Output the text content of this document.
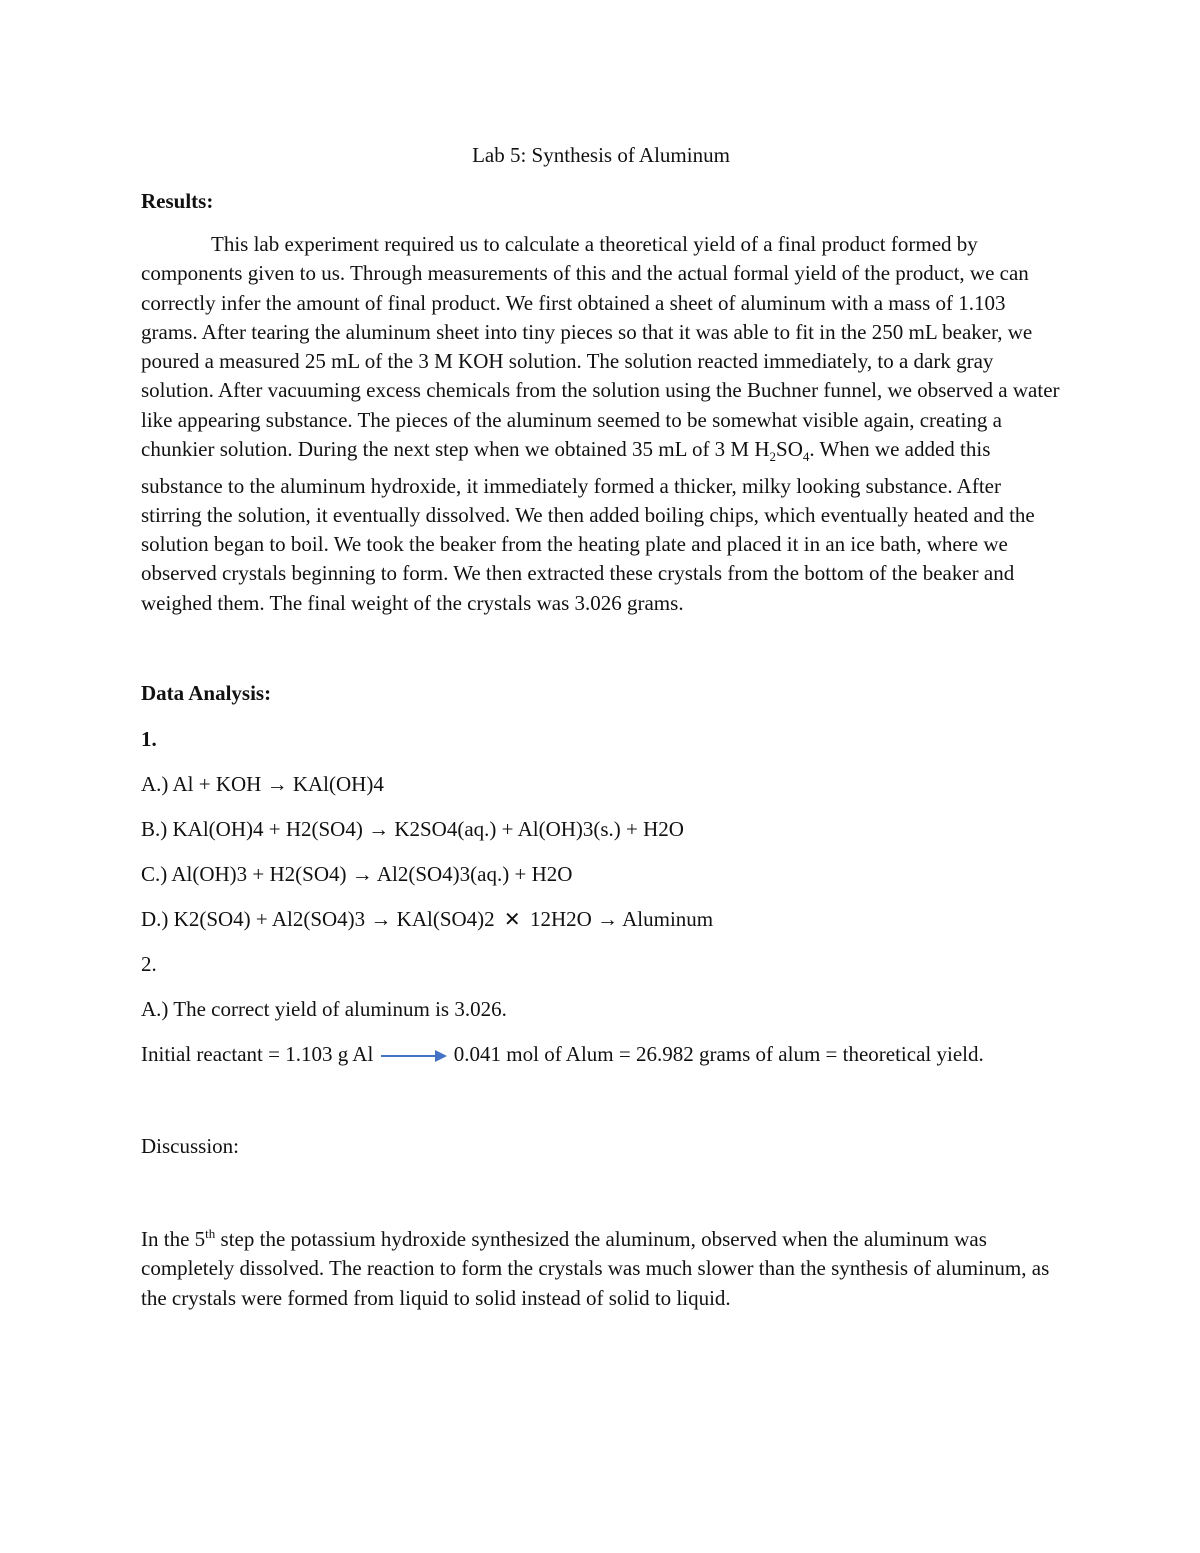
Lab 5: Synthesis of Aluminum

Results:

This lab experiment required us to calculate a theoretical yield of a final product formed by components given to us. Through measurements of this and the actual formal yield of the product, we can correctly infer the amount of final product. We first obtained a sheet of aluminum with a mass of 1.103 grams. After tearing the aluminum sheet into tiny pieces so that it was able to fit in the 250 mL beaker, we poured a measured 25 mL of the 3 M KOH solution. The solution reacted immediately, to a dark gray solution. After vacuuming excess chemicals from the solution using the Buchner funnel, we observed a water like appearing substance. The pieces of the aluminum seemed to be somewhat visible again, creating a chunkier solution. During the next step when we obtained 35 mL of 3 M $H_2SO_4$. When we added this substance to the aluminum hydroxide, it immediately formed a thicker, milky looking substance. After stirring the solution, it eventually dissolved. We then added boiling chips, which eventually heated and the solution began to boil. We took the beaker from the heating plate and placed it in an ice bath, where we observed crystals beginning to form. We then extracted these crystals from the bottom of the beaker and weighed them. The final weight of the crystals was 3.026 grams.

Data Analysis:

1.

A.) Al + KOH → KAl(OH)4

B.) KAl(OH)4 + H2(SO4) → K2SO4(aq.) + Al(OH)3(s.) + H2O

C.) Al(OH)3 + H2(SO4) → Al2(SO4)3(aq.) + H2O

D.) K2(SO4) + Al2(SO4)3 → KAl(SO4)2 ✕ 12H2O → Aluminum

2.

A.) The correct yield of aluminum is 3.026.

Initial reactant = 1.103 g Al	0.041 mol of Alum = 26.982 grams of alum = theoretical yield.

Discussion:

In the 5th step the potassium hydroxide synthesized the aluminum, observed when the aluminum was completely dissolved. The reaction to form the crystals was much slower than the synthesis of aluminum, as the crystals were formed from liquid to solid instead of solid to liquid.
